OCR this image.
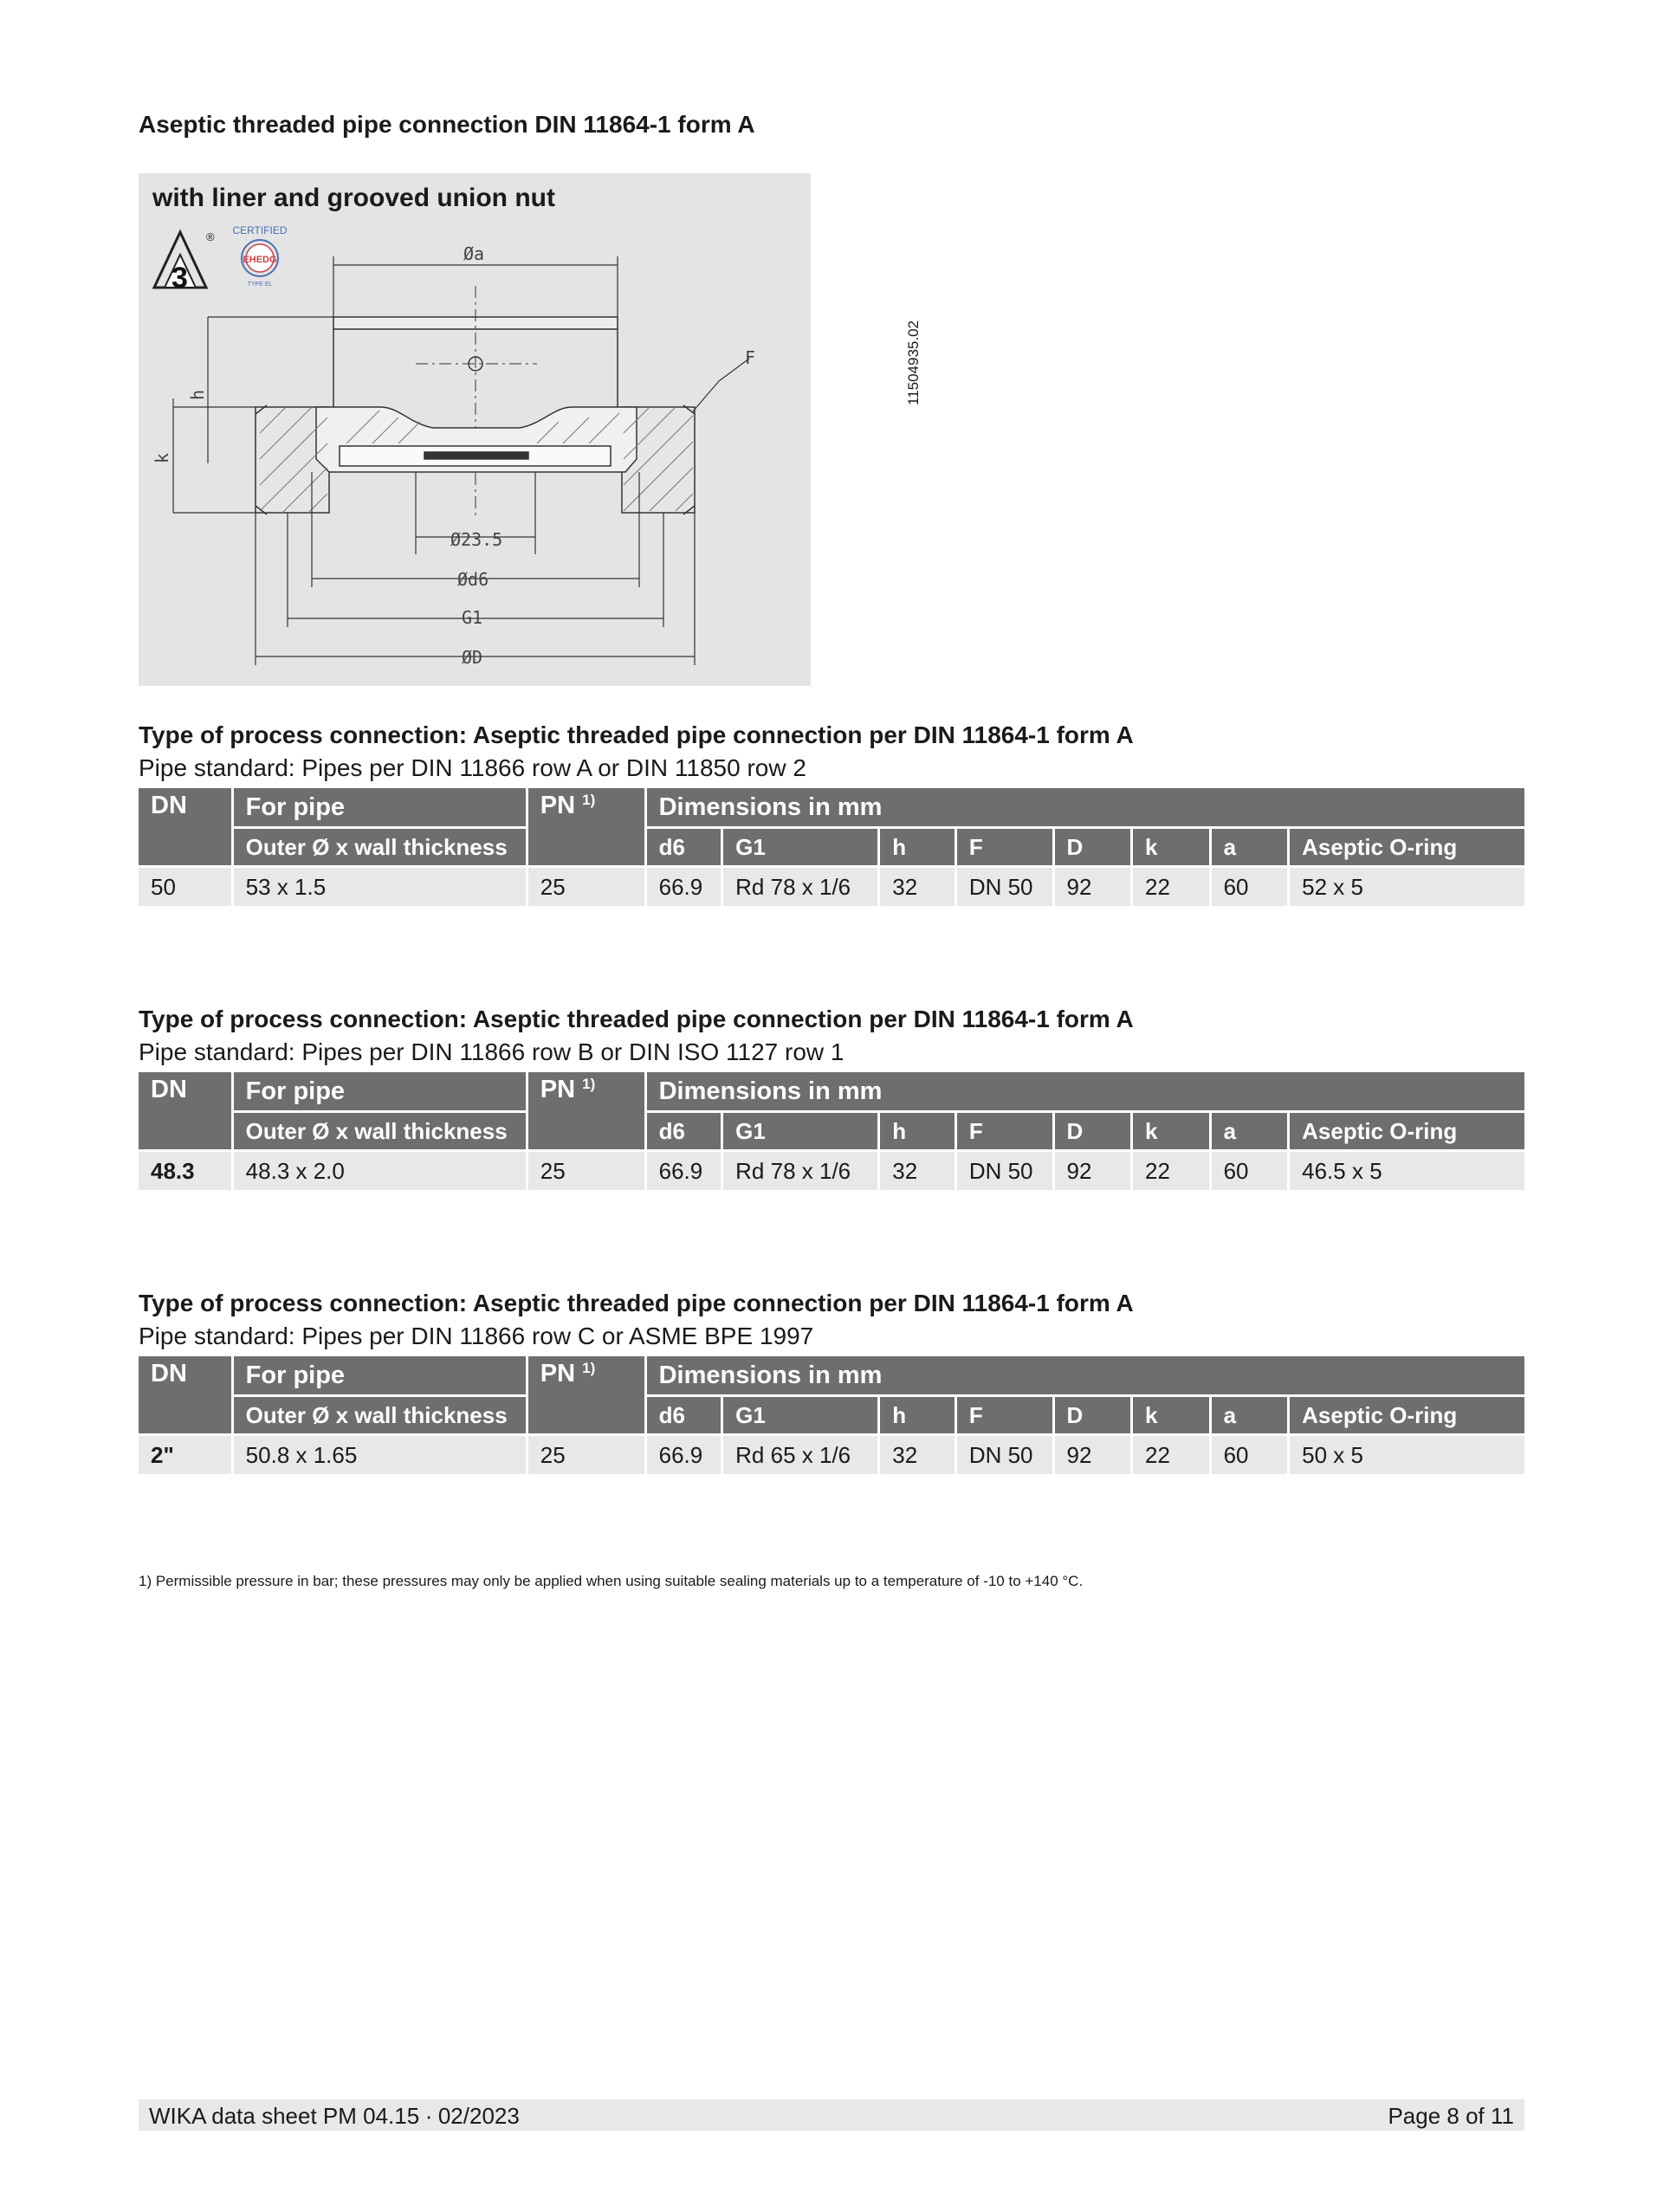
Aseptic threaded pipe connection DIN 11864-1 form A
with liner and grooved union nut
11504935.02
3
® CERTIFIED
EHEDG
TYPE EL
Øa
F
h
k
Ø23.5
Ød6
G1
ØD
Type of process connection: Aseptic threaded pipe connection per DIN 11864-1 form A
Pipe standard: Pipes per DIN 11866 row A or DIN 11850 row 2
DN	For pipe	PN $^{1)}$	Dimensions in mm							
	Outer Ø x wall thickness		d6	G1	h	F	D	k	a	Aseptic O-ring
50	53 x 1.5	25	66.9	Rd 78 x 1/6	32	DN 50	92	22	60	52 x 5
Type of process connection: Aseptic threaded pipe connection per DIN 11864-1 form A
Pipe standard: Pipes per DIN 11866 row B or DIN ISO 1127 row 1
DN	For pipe	PN $^{1)}$	Dimensions in mm							
	Outer Ø x wall thickness		d6	G1	h	F	D	k	a	Aseptic O-ring
48.3	48.3 x 2.0	25	66.9	Rd 78 x 1/6	32	DN 50	92	22	60	46.5 x 5
Type of process connection: Aseptic threaded pipe connection per DIN 11864-1 form A
Pipe standard: Pipes per DIN 11866 row C or ASME BPE 1997
DN	For pipe	PN $^{1)}$	Dimensions in mm							
	Outer Ø x wall thickness		d6	G1	h	F	D	k	a	Aseptic O-ring
2"	50.8 x 1.65	25	66.9	Rd 65 x 1/6	32	DN 50	92	22	60	50 x 5
1) Permissible pressure in bar; these pressures may only be applied when using suitable sealing materials up to a temperature of -10 to +140 °C.
WIKA data sheet PM 04.15 ∙ 02/2023	Page 8 of 11
